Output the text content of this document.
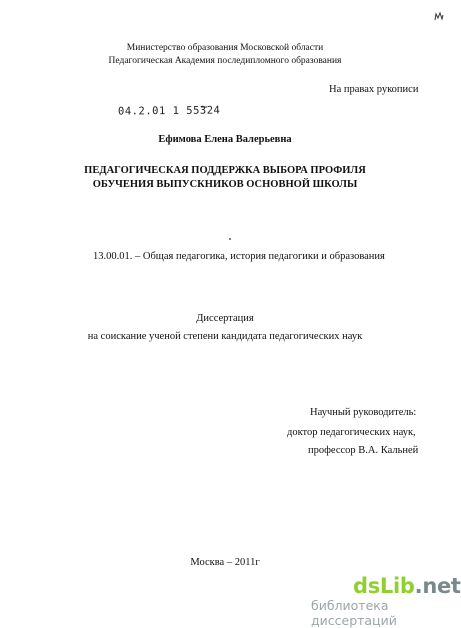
Министерство образования Московской области
Педагогическая Академия последипломного образования
На правах рукописи
04.2.01 1 55324
Ефимова Елена Валерьевна
ПЕДАГОГИЧЕСКАЯ ПОДДЕРЖКА ВЫБОРА ПРОФИЛЯ
ОБУЧЕНИЯ ВЫПУСКНИКОВ ОСНОВНОЙ ШКОЛЫ
13.00.01. – Общая педагогика, история педагогики и образования
Диссертация
на соискание ученой степени кандидата педагогических наук
Научный руководитель:
доктор педагогических наук,
профессор В.А. Кальней
Москва – 2011г
dsLib.net
библиотека диссертаций
